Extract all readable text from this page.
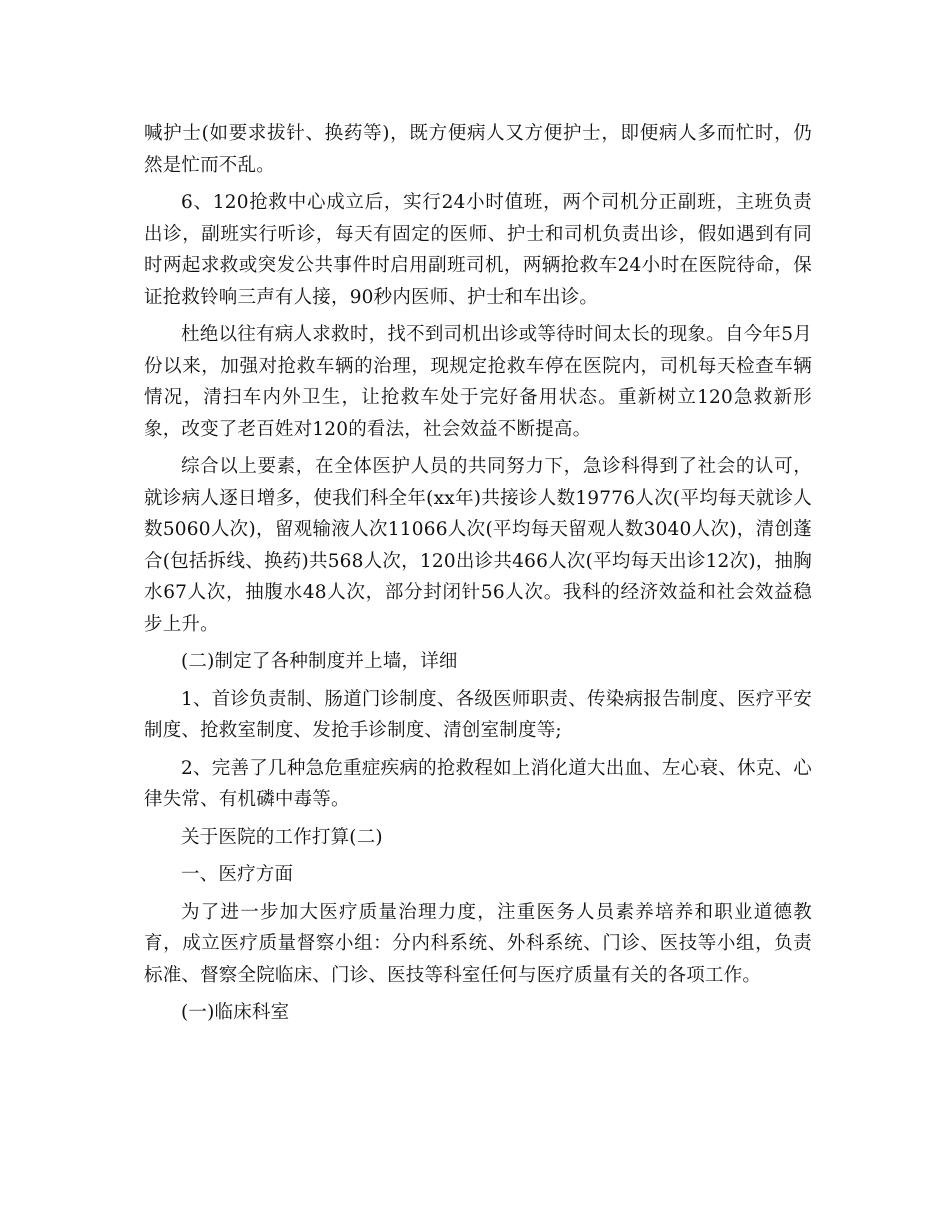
喊护士(如要求拔针、换药等)，既方便病人又方便护士，即便病人多而忙时，仍然是忙而不乱。

6、120抢救中心成立后，实行24小时值班，两个司机分正副班，主班负责出诊，副班实行听诊，每天有固定的医师、护士和司机负责出诊，假如遇到有同时两起求救或突发公共事件时启用副班司机，两辆抢救车24小时在医院待命，保证抢救铃响三声有人接，90秒内医师、护士和车出诊。

杜绝以往有病人求救时，找不到司机出诊或等待时间太长的现象。自今年5月份以来，加强对抢救车辆的治理，现规定抢救车停在医院内，司机每天检查车辆情况，清扫车内外卫生，让抢救车处于完好备用状态。重新树立120急救新形象，改变了老百姓对120的看法，社会效益不断提高。

综合以上要素，在全体医护人员的共同努力下，急诊科得到了社会的认可，就诊病人逐日增多，使我们科全年(xx年)共接诊人数19776人次(平均每天就诊人数5060人次)，留观输液人次11066人次(平均每天留观人数3040人次)，清创蓬合(包括拆线、换药)共568人次，120出诊共466人次(平均每天出诊12次)，抽胸水67人次，抽腹水48人次，部分封闭针56人次。我科的经济效益和社会效益稳步上升。

(二)制定了各种制度并上墙，详细

1、首诊负责制、肠道门诊制度、各级医师职责、传染病报告制度、医疗平安制度、抢救室制度、发抢手诊制度、清创室制度等;

2、完善了几种急危重症疾病的抢救程如上消化道大出血、左心衰、休克、心律失常、有机磷中毒等。

关于医院的工作打算(二)

一、医疗方面

为了进一步加大医疗质量治理力度，注重医务人员素养培养和职业道德教育，成立医疗质量督察小组：分内科系统、外科系统、门诊、医技等小组，负责标准、督察全院临床、门诊、医技等科室任何与医疗质量有关的各项工作。

(一)临床科室
